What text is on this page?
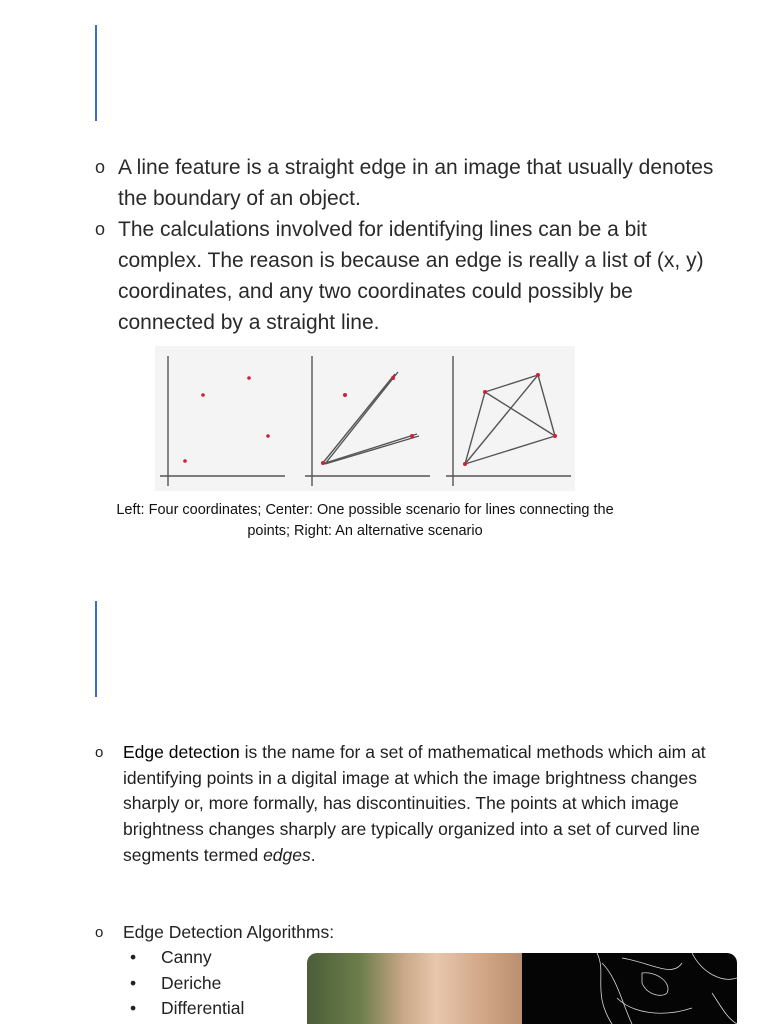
o A line feature is a straight edge in an image that usually denotes the boundary of an object.
o The calculations involved for identifying lines can be a bit complex. The reason is because an edge is really a list of (x, y) coordinates, and any two coordinates could possibly be connected by a straight line.
Left: Four coordinates; Center: One possible scenario for lines connecting the
points; Right: An alternative scenario
o	Edge detection is the name for a set of mathematical methods which aim at identifying points in a digital image at which the image brightness changes sharply or, more formally, has discontinuities. The points at which image brightness changes sharply are typically organized into a set of curved line segments termed edges.
o	Edge Detection Algorithms:
•	Canny
•	Deriche
•	Differential
